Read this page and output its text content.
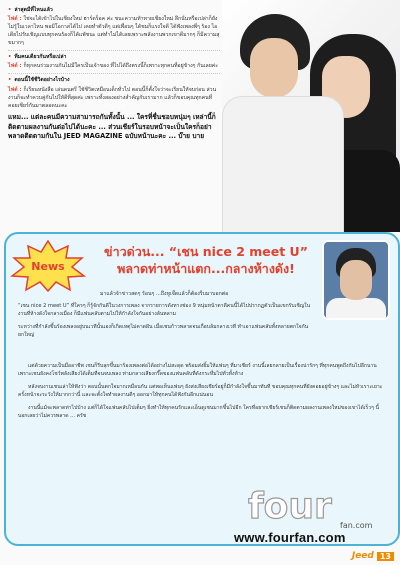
• ล่าสุดมีที่ไหนแล้ว
ไฟด์ : ใช่จะได้เข้าไปในเชียงใหม่ ฮาร์ดร็อค ค่ะ ชนะความท้าทายเชียงใหม่ ลึกนั่นหรือเปล่าก็ยังไม่รู้ในเวลาไหน พอมีโอกาสได้ไป เคยทำตัวดีๆ แต่เพื่อนๆ ได้ชมก็แรงใจดี ได้ฟังเพลงพี่ๆ ร้อง ไอเดียไปรับเชิญแบบทุกคนร้องก็ได้แพ้ชนะ แต่ทำไม่ได้เลยเพราะพลังงานพวกเขาดีมากๆ ก็มีความสุขมากๆ
• ทีมคนเดียวกันหรือเปล่า
ไฟด์ : ก็ทุกคนร่วมงานกันไม่มีใครเป็นเจ้าของ ที่ไปได้ถึงตรงนี้ก็เพราะทุกคนที่อยู่ข้างๆ กันเลยค่ะ
• ตอนนี้ใช้ชีวิตอย่างไรบ้าง
ไฟด์ : ก็เรียนหนังสือ เล่นดนตรี ใช้ชีวิตเหมือนเด็กทั่วไป ตอนนี้ก็ตั้งใจว่าจะเรียนให้จบก่อน ส่วนงานก็จะทำควบคู่กันไปให้ดีที่สุดค่ะ เพราะทั้งสองอย่างสำคัญกับเรามาก แล้วก็ขอบคุณทุกคนที่คอยเชียร์กันมาตลอดนะคะ
แหม... แต่ละคนมีความสามารถกันทั้งนั้น ... ใครที่ชื่นชอบหนุ่มๆ เหล่านี้ก็ติดตามผลงานกันต่อไปได้นะคะ ... ส่วนเชียร์ในรอบหน้าจะเป็นใครก็อย่าพลาดติดตามกันใน JEED MAGAZINE ฉบับหน้านะคะ ... บ๊าย บาย
News
ข่าวด่วน... “เชน nice 2 meet U”
พลาดท่าหน้าแตก...กลางห้างดัง!
มาแล้วจ้าข่าวสดๆ ร้อนๆ ...ถึงหูเจ๊ดแล้วก็ต้องรีบมาบอกต่อ

“เชน nice 2 meet U” ที่ใครๆ ก็รู้จักกันดีในวงการเพลง จากรายการดังทางช่อง 9 หนุ่มหน้าตาดีคนนี้ได้ไปปรากฏตัวเป็นแขกรับเชิญในงานที่ห้างดังใจกลางเมือง ก็มีแฟนคลับตามไปให้กำลังใจกันอย่างล้นหลาม

ระหว่างที่กำลังขึ้นร้องเพลงอยู่บนเวทีนั้นเองก็เกิดเหตุไม่คาดฝัน เมื่อเชนก้าวพลาดจนเกือบล้มกลางเวที ทำเอาแฟนคลับทั้งหลายตกใจกันยกใหญ่

แต่ด้วยความเป็นมืออาชีพ เชนก็รีบลุกขึ้นมาร้องเพลงต่อได้อย่างไม่สะดุด พร้อมส่งยิ้มให้แฟนๆ ที่มาเชียร์ งานนี้เลยกลายเป็นเรื่องน่ารักๆ ที่ทุกคนพูดถึงกันไปอีกนาน เพราะเชนยังคงโชว์พลังเสียงได้เต็มที่จนจบเพลง ท่ามกลางเสียงกรี๊ดของแฟนคลับที่ดังกระหึ่มไปทั่วทั้งห้าง

หลังจบงานเชนเล่าให้ฟังว่า ตอนนั้นตกใจมากเหมือนกัน แต่พอเห็นแฟนๆ ยังส่งเสียงเชียร์อยู่ก็มีกำลังใจขึ้นมาทันที ขอบคุณทุกคนที่ยังคอยอยู่ข้างๆ และไม่หัวเราะเยาะ ครั้งหน้าจะระวังให้มากกว่านี้ และจะตั้งใจทำผลงานดีๆ ออกมาให้ทุกคนได้ฟังกันอีกแน่นอน

งานนี้แม้จะพลาดท่าไปบ้าง แต่ก็ได้ใจแฟนคลับไปเต็มๆ ยิ่งทำให้ทุกคนรักและเอ็นดูเชนมากขึ้นไปอีก ใครที่อยากเชียร์เชนก็ติดตามผลงานเพลงใหม่ของเขาได้เร็วๆ นี้ บอกเลยว่าไม่ควรพลาด ... ครัช

four fan.com
www.fourfan.com
Jeed 13
